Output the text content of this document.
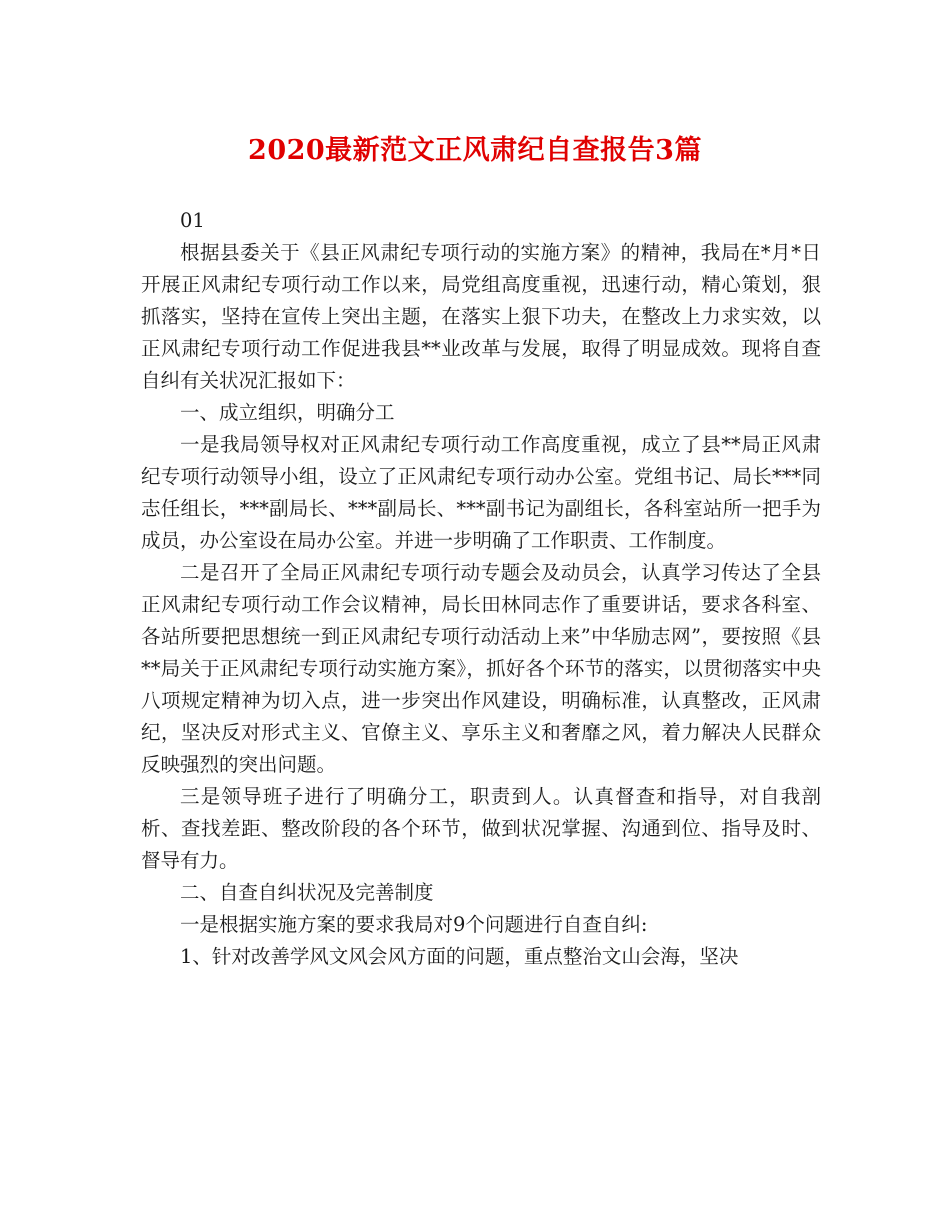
2020最新范文正风肃纪自查报告3篇

01

根据县委关于《县正风肃纪专项行动的实施方案》的精神，我局在*月*日开展正风肃纪专项行动工作以来，局党组高度重视，迅速行动，精心策划，狠抓落实，坚持在宣传上突出主题，在落实上狠下功夫，在整改上力求实效，以正风肃纪专项行动工作促进我县**业改革与发展，取得了明显成效。现将自查自纠有关状况汇报如下：

一、成立组织，明确分工

一是我局领导权对正风肃纪专项行动工作高度重视，成立了县**局正风肃纪专项行动领导小组，设立了正风肃纪专项行动办公室。党组书记、局长***同志任组长，***副局长、***副局长、***副书记为副组长，各科室站所一把手为成员，办公室设在局办公室。并进一步明确了工作职责、工作制度。

二是召开了全局正风肃纪专项行动专题会及动员会，认真学习传达了全县正风肃纪专项行动工作会议精神，局长田林同志作了重要讲话，要求各科室、各站所要把思想统一到正风肃纪专项行动活动上来”中华励志网”，要按照《县**局关于正风肃纪专项行动实施方案》，抓好各个环节的落实，以贯彻落实中央八项规定精神为切入点，进一步突出作风建设，明确标准，认真整改，正风肃纪，坚决反对形式主义、官僚主义、享乐主义和奢靡之风，着力解决人民群众反映强烈的突出问题。

三是领导班子进行了明确分工，职责到人。认真督查和指导，对自我剖析、查找差距、整改阶段的各个环节，做到状况掌握、沟通到位、指导及时、督导有力。

二、自查自纠状况及完善制度

一是根据实施方案的要求我局对9个问题进行自查自纠:

1、针对改善学风文风会风方面的问题，重点整治文山会海，坚决
